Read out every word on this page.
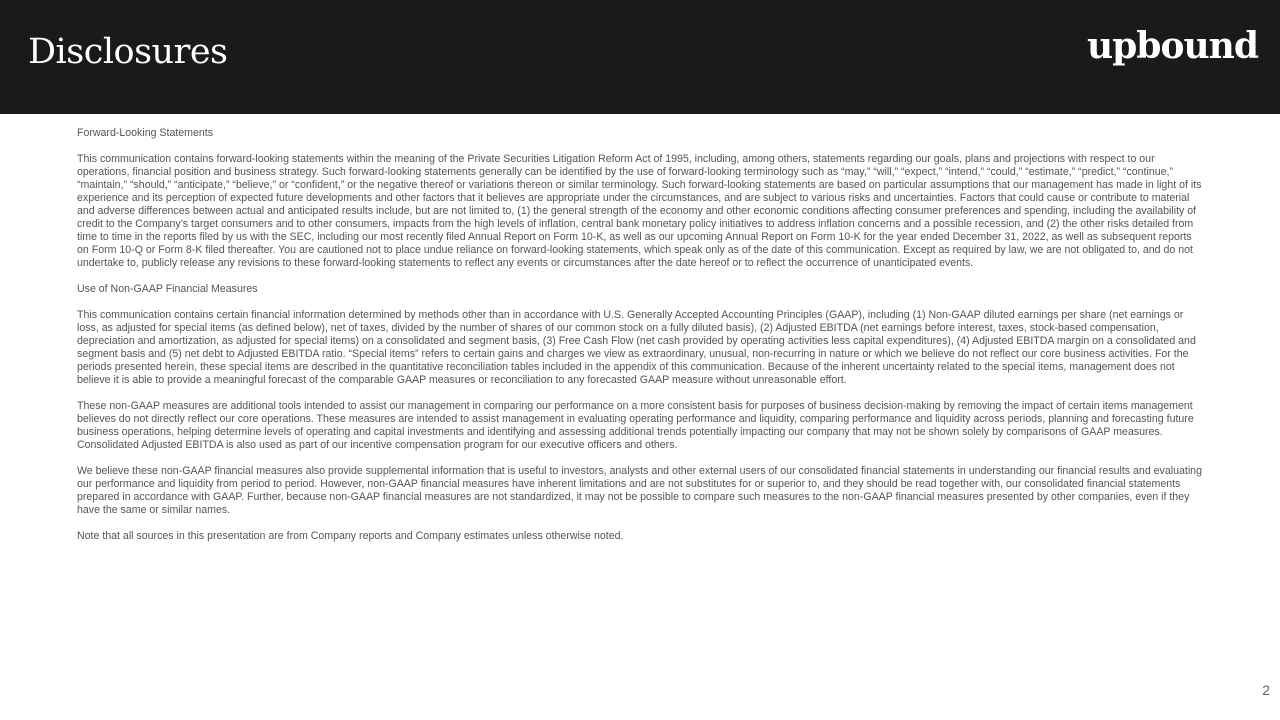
Disclosures	upbound

Forward-Looking Statements

This communication contains forward-looking statements within the meaning of the Private Securities Litigation Reform Act of 1995, including, among others, statements regarding our goals, plans and projections with respect to our operations, financial position and business strategy. Such forward-looking statements generally can be identified by the use of forward-looking terminology such as “may,” “will,” “expect,” “intend,” “could,” “estimate,” “predict,” “continue,” “maintain,” “should,” “anticipate,” “believe,” or “confident,” or the negative thereof or variations thereon or similar terminology. Such forward-looking statements are based on particular assumptions that our management has made in light of its experience and its perception of expected future developments and other factors that it believes are appropriate under the circumstances, and are subject to various risks and uncertainties. Factors that could cause or contribute to material and adverse differences between actual and anticipated results include, but are not limited to, (1) the general strength of the economy and other economic conditions affecting consumer preferences and spending, including the availability of credit to the Company’s target consumers and to other consumers, impacts from the high levels of inflation, central bank monetary policy initiatives to address inflation concerns and a possible recession, and (2) the other risks detailed from time to time in the reports filed by us with the SEC, including our most recently filed Annual Report on Form 10-K, as well as our upcoming Annual Report on Form 10-K for the year ended December 31, 2022, as well as subsequent reports on Form 10-Q or Form 8-K filed thereafter. You are cautioned not to place undue reliance on forward-looking statements, which speak only as of the date of this communication. Except as required by law, we are not obligated to, and do not undertake to, publicly release any revisions to these forward-looking statements to reflect any events or circumstances after the date hereof or to reflect the occurrence of unanticipated events.

Use of Non-GAAP Financial Measures

This communication contains certain financial information determined by methods other than in accordance with U.S. Generally Accepted Accounting Principles (GAAP), including (1) Non-GAAP diluted earnings per share (net earnings or loss, as adjusted for special items (as defined below), net of taxes, divided by the number of shares of our common stock on a fully diluted basis), (2) Adjusted EBITDA (net earnings before interest, taxes, stock-based compensation, depreciation and amortization, as adjusted for special items) on a consolidated and segment basis, (3) Free Cash Flow (net cash provided by operating activities less capital expenditures), (4) Adjusted EBITDA margin on a consolidated and segment basis and (5) net debt to Adjusted EBITDA ratio. “Special items” refers to certain gains and charges we view as extraordinary, unusual, non-recurring in nature or which we believe do not reflect our core business activities. For the periods presented herein, these special items are described in the quantitative reconciliation tables included in the appendix of this communication. Because of the inherent uncertainty related to the special items, management does not believe it is able to provide a meaningful forecast of the comparable GAAP measures or reconciliation to any forecasted GAAP measure without unreasonable effort.

These non-GAAP measures are additional tools intended to assist our management in comparing our performance on a more consistent basis for purposes of business decision-making by removing the impact of certain items management believes do not directly reflect our core operations. These measures are intended to assist management in evaluating operating performance and liquidity, comparing performance and liquidity across periods, planning and forecasting future business operations, helping determine levels of operating and capital investments and identifying and assessing additional trends potentially impacting our company that may not be shown solely by comparisons of GAAP measures. Consolidated Adjusted EBITDA is also used as part of our incentive compensation program for our executive officers and others.

We believe these non-GAAP financial measures also provide supplemental information that is useful to investors, analysts and other external users of our consolidated financial statements in understanding our financial results and evaluating our performance and liquidity from period to period. However, non-GAAP financial measures have inherent limitations and are not substitutes for or superior to, and they should be read together with, our consolidated financial statements prepared in accordance with GAAP. Further, because non-GAAP financial measures are not standardized, it may not be possible to compare such measures to the non-GAAP financial measures presented by other companies, even if they have the same or similar names.

Note that all sources in this presentation are from Company reports and Company estimates unless otherwise noted.

2
